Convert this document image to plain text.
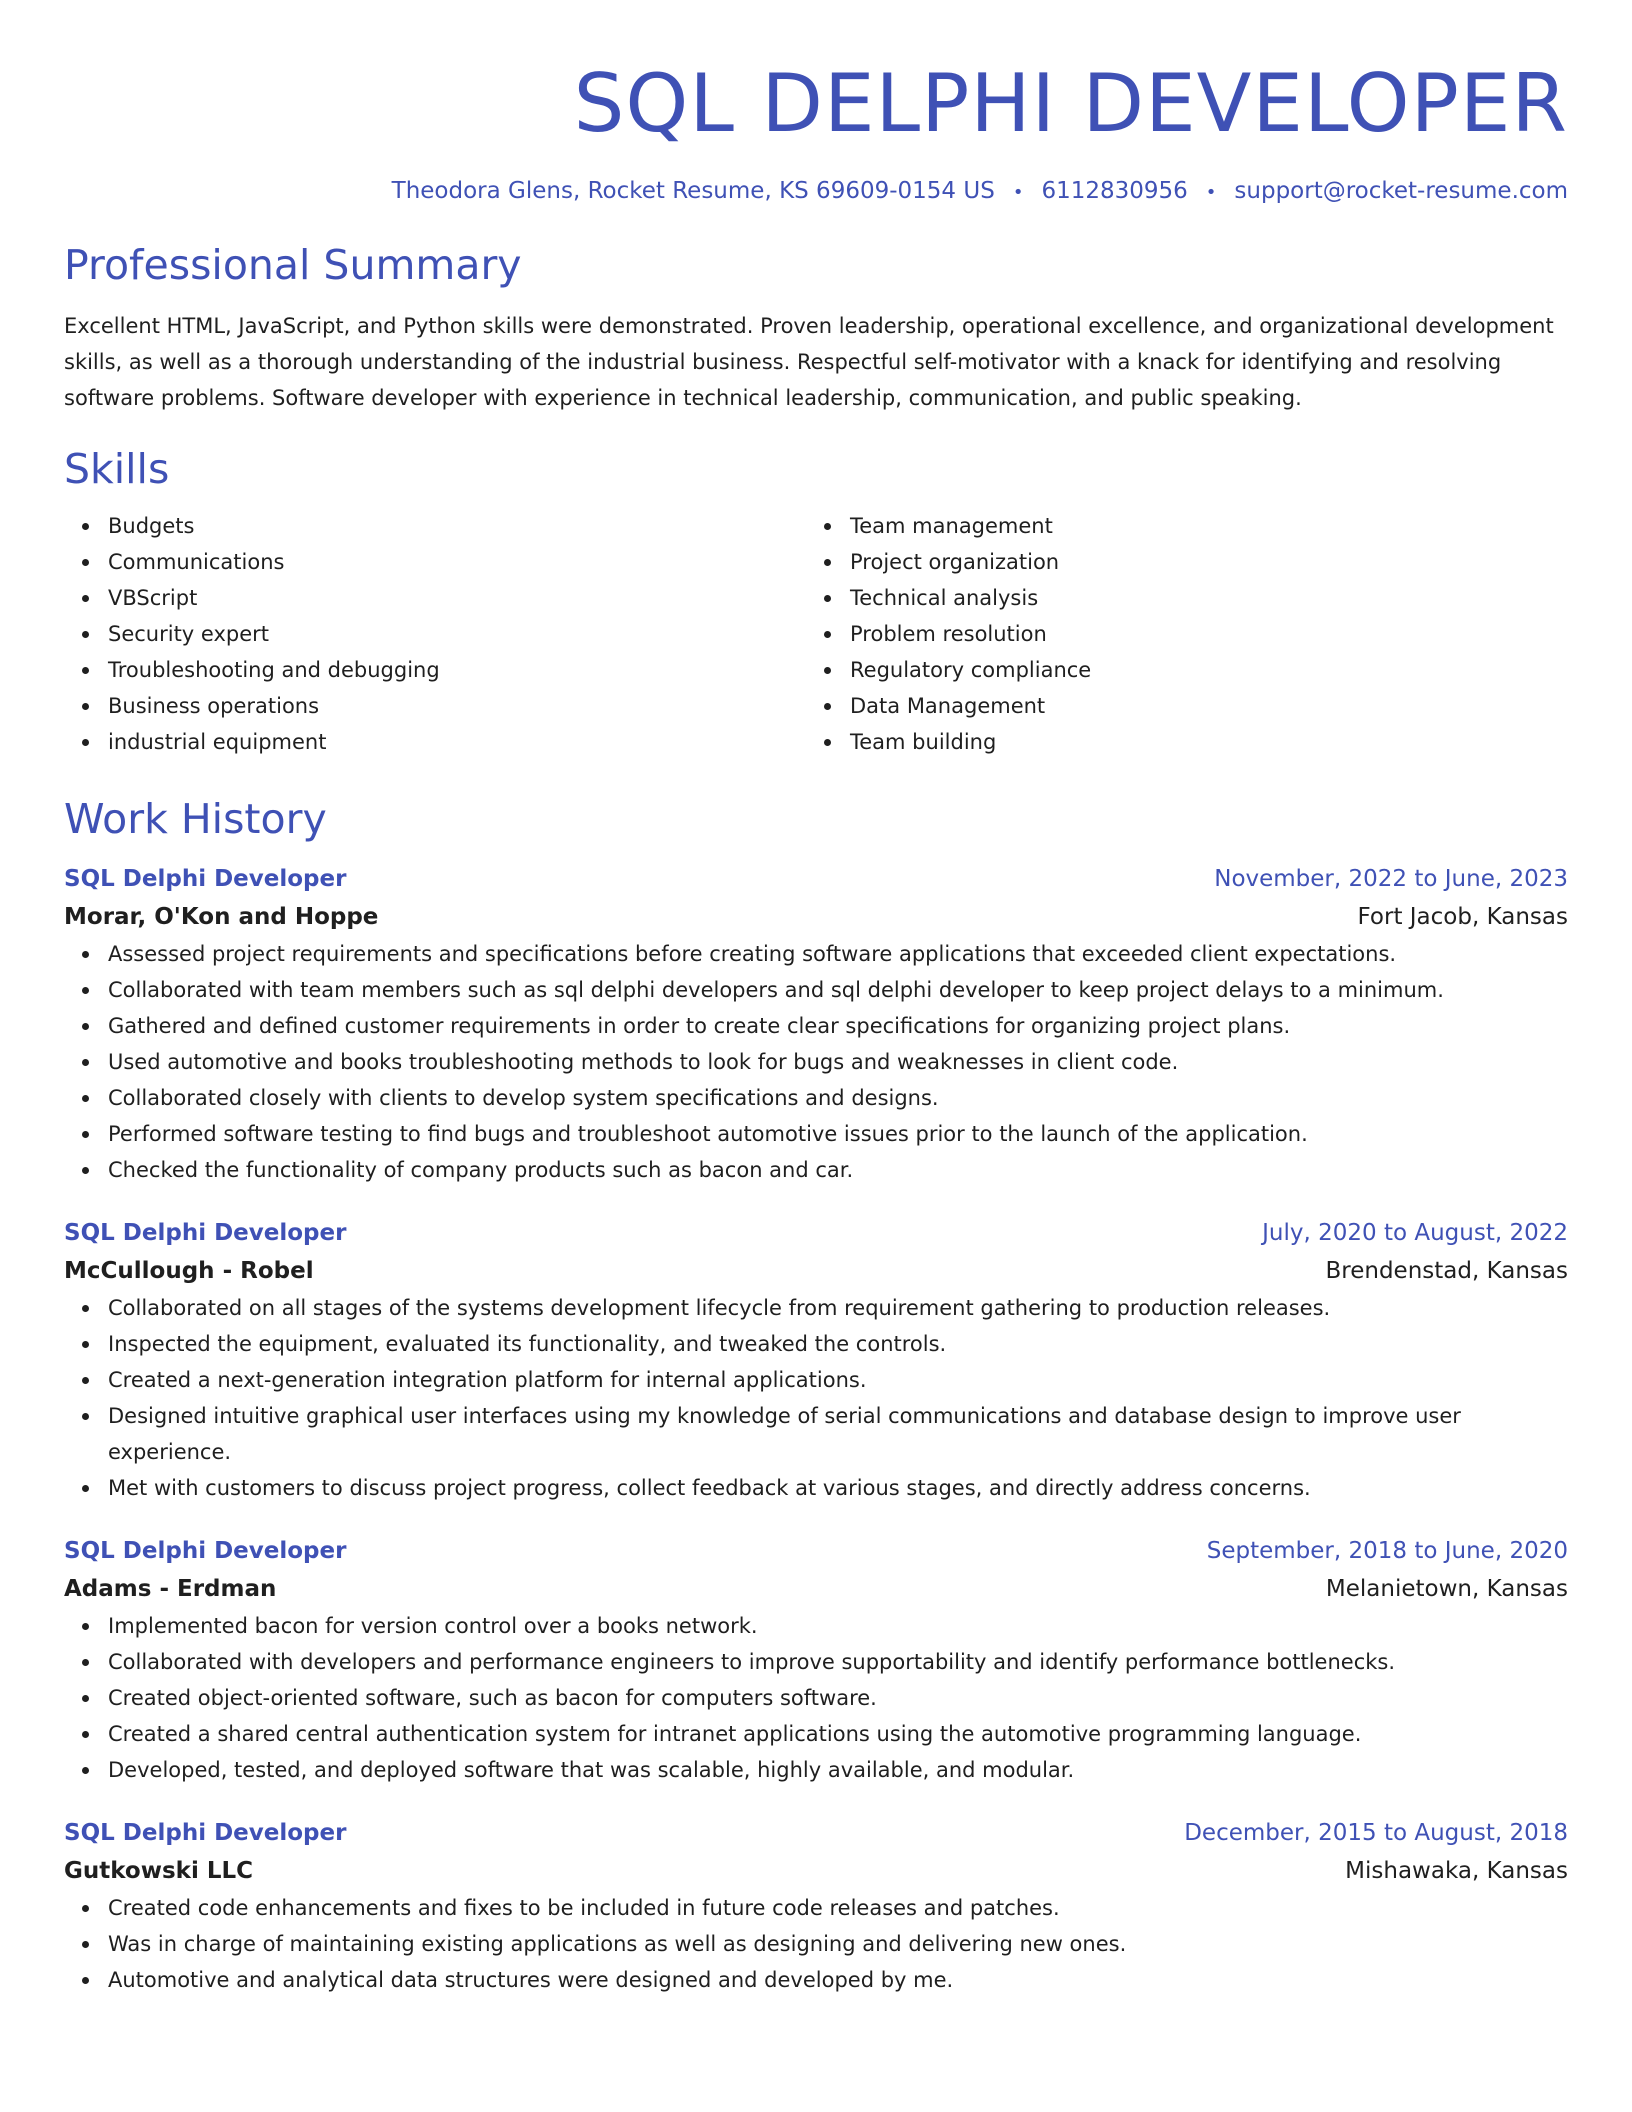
SQL DELPHI DEVELOPER
Theodora Glens, Rocket Resume, KS 69609-0154 US • 6112830956 • support@rocket-resume.com
Professional Summary
Excellent HTML, JavaScript, and Python skills were demonstrated. Proven leadership, operational excellence, and organizational development skills, as well as a thorough understanding of the industrial business. Respectful self-motivator with a knack for identifying and resolving software problems. Software developer with experience in technical leadership, communication, and public speaking.
Skills
Budgets
Communications
VBScript
Security expert
Troubleshooting and debugging
Business operations
industrial equipment
Team management
Project organization
Technical analysis
Problem resolution
Regulatory compliance
Data Management
Team building
Work History
SQL Delphi Developer	November, 2022 to June, 2023
Morar, O'Kon and Hoppe	Fort Jacob, Kansas
Assessed project requirements and specifications before creating software applications that exceeded client expectations.
Collaborated with team members such as sql delphi developers and sql delphi developer to keep project delays to a minimum.
Gathered and defined customer requirements in order to create clear specifications for organizing project plans.
Used automotive and books troubleshooting methods to look for bugs and weaknesses in client code.
Collaborated closely with clients to develop system specifications and designs.
Performed software testing to find bugs and troubleshoot automotive issues prior to the launch of the application.
Checked the functionality of company products such as bacon and car.
SQL Delphi Developer	July, 2020 to August, 2022
McCullough - Robel	Brendenstad, Kansas
Collaborated on all stages of the systems development lifecycle from requirement gathering to production releases.
Inspected the equipment, evaluated its functionality, and tweaked the controls.
Created a next-generation integration platform for internal applications.
Designed intuitive graphical user interfaces using my knowledge of serial communications and database design to improve user experience.
Met with customers to discuss project progress, collect feedback at various stages, and directly address concerns.
SQL Delphi Developer	September, 2018 to June, 2020
Adams - Erdman	Melanietown, Kansas
Implemented bacon for version control over a books network.
Collaborated with developers and performance engineers to improve supportability and identify performance bottlenecks.
Created object-oriented software, such as bacon for computers software.
Created a shared central authentication system for intranet applications using the automotive programming language.
Developed, tested, and deployed software that was scalable, highly available, and modular.
SQL Delphi Developer	December, 2015 to August, 2018
Gutkowski LLC	Mishawaka, Kansas
Created code enhancements and fixes to be included in future code releases and patches.
Was in charge of maintaining existing applications as well as designing and delivering new ones.
Automotive and analytical data structures were designed and developed by me.
